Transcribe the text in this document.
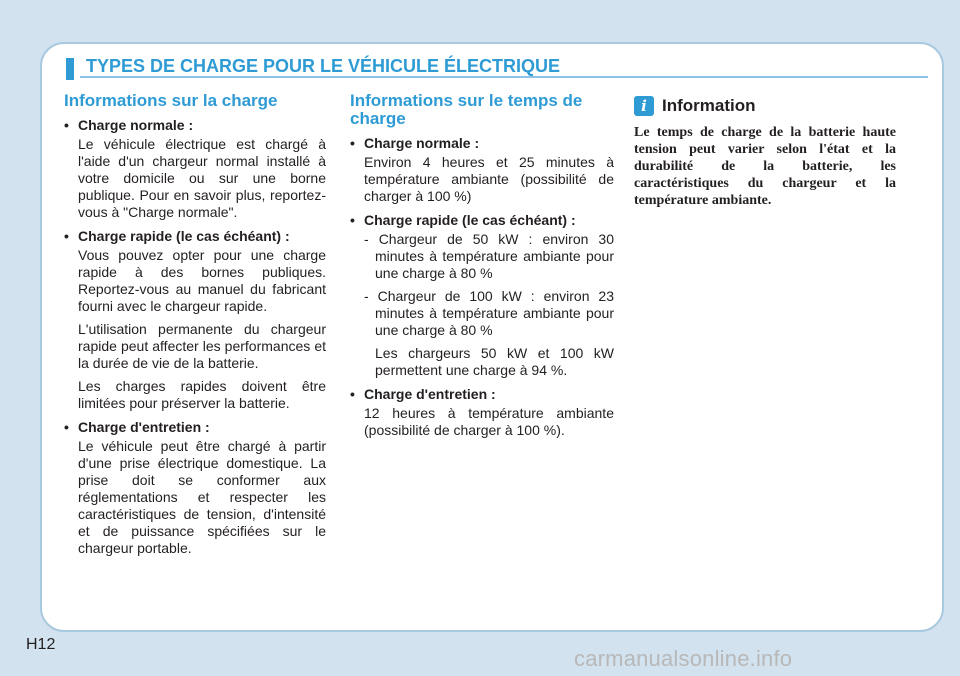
TYPES DE CHARGE POUR LE VÉHICULE ÉLECTRIQUE
Informations sur la charge
• Charge normale :

Le véhicule électrique est chargé à l'aide d'un chargeur normal installé à votre domicile ou sur une borne publique. Pour en savoir plus, reportez-vous à "Charge normale".

• Charge rapide (le cas échéant) :

Vous pouvez opter pour une charge rapide à des bornes publiques. Reportez-vous au manuel du fabricant fourni avec le chargeur rapide.

L'utilisation permanente du chargeur rapide peut affecter les performances et la durée de vie de la batterie.

Les charges rapides doivent être limitées pour préserver la batterie.

• Charge d'entretien :

Le véhicule peut être chargé à partir d'une prise électrique domestique. La prise doit se conformer aux réglementations et respecter les caractéristiques de tension, d'intensité et de puissance spécifiées sur le chargeur portable.

Informations sur le temps de charge
• Charge normale :

Environ 4 heures et 25 minutes à température ambiante (possibilité de charger à 100 %)

• Charge rapide (le cas échéant) :

- Chargeur de 50 kW : environ 30 minutes à température ambiante pour une charge à 80 %

- Chargeur de 100 kW : environ 23 minutes à température ambiante pour une charge à 80 %

Les chargeurs 50 kW et 100 kW permettent une charge à 94 %.

• Charge d'entretien :

12 heures à température ambiante (possibilité de charger à 100 %).

i Information

Le temps de charge de la batterie haute tension peut varier selon l'état et la durabilité de la batterie, les caractéristiques du chargeur et la température ambiante.

H12
carmanualsonline.info
